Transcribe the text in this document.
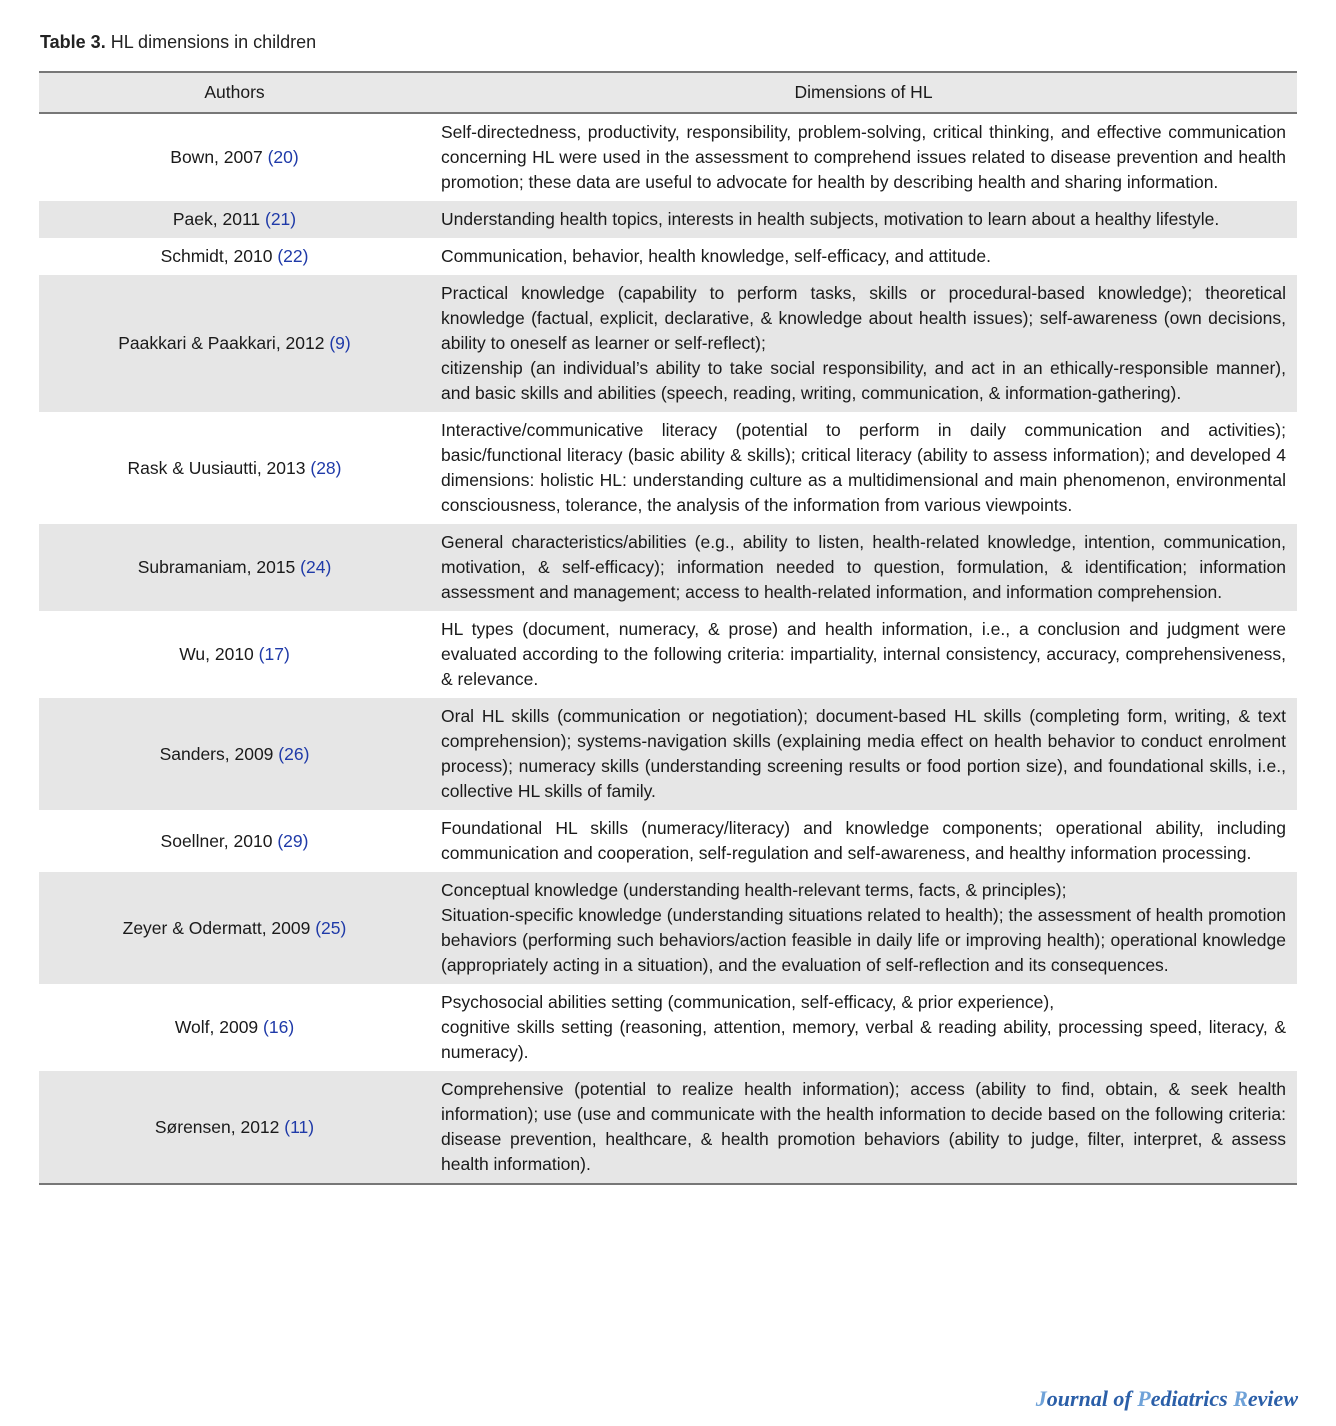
Table 3. HL dimensions in children
Authors	Dimensions of HL
Bown, 2007 (20)	Self-directedness, productivity, responsibility, problem-solving, critical thinking, and effective communication concerning HL were used in the assessment to comprehend issues related to disease prevention and health promotion; these data are useful to advocate for health by describing health and sharing information.
Paek, 2011 (21)	Understanding health topics, interests in health subjects, motivation to learn about a healthy lifestyle.
Schmidt, 2010 (22)	Communication, behavior, health knowledge, self-efficacy, and attitude.
Paakkari & Paakkari, 2012 (9)	Practical knowledge (capability to perform tasks, skills or procedural-based knowledge); theoretical knowledge (factual, explicit, declarative, & knowledge about health issues); self-awareness (own decisions, ability to oneself as learner or self-reflect);
citizenship (an individual’s ability to take social responsibility, and act in an ethically-responsible manner), and basic skills and abilities (speech, reading, writing, communication, & information-gathering).
Rask & Uusiautti, 2013 (28)	Interactive/communicative literacy (potential to perform in daily communication and activities); basic/functional literacy (basic ability & skills); critical literacy (ability to assess information); and developed 4 dimensions: holistic HL: understanding culture as a multidimensional and main phenomenon, environmental consciousness, tolerance, the analysis of the information from various viewpoints.
Subramaniam, 2015 (24)	General characteristics/abilities (e.g., ability to listen, health-related knowledge, intention, communication, motivation, & self-efficacy); information needed to question, formulation, & identification; information assessment and management; access to health-related information, and information comprehension.
Wu, 2010 (17)	HL types (document, numeracy, & prose) and health information, i.e., a conclusion and judgment were evaluated according to the following criteria: impartiality, internal consistency, accuracy, comprehensiveness, & relevance.
Sanders, 2009 (26)	Oral HL skills (communication or negotiation); document-based HL skills (completing form, writing, & text comprehension); systems-navigation skills (explaining media effect on health behavior to conduct enrolment process); numeracy skills (understanding screening results or food portion size), and foundational skills, i.e., collective HL skills of family.
Soellner, 2010 (29)	Foundational HL skills (numeracy/literacy) and knowledge components; operational ability, including communication and cooperation, self-regulation and self-awareness, and healthy information processing.
Zeyer & Odermatt, 2009 (25)	Conceptual knowledge (understanding health-relevant terms, facts, & principles);
Situation-specific knowledge (understanding situations related to health); the assessment of health promotion behaviors (performing such behaviors/action feasible in daily life or improving health); operational knowledge (appropriately acting in a situation), and the evaluation of self-reflection and its consequences.
Wolf, 2009 (16)	Psychosocial abilities setting (communication, self-efficacy, & prior experience),
cognitive skills setting (reasoning, attention, memory, verbal & reading ability, processing speed, literacy, & numeracy).
Sørensen, 2012 (11)	Comprehensive (potential to realize health information); access (ability to find, obtain, & seek health information); use (use and communicate with the health information to decide based on the following criteria: disease prevention, healthcare, & health promotion behaviors (ability to judge, filter, interpret, & assess health information).
Journal of Pediatrics Review
